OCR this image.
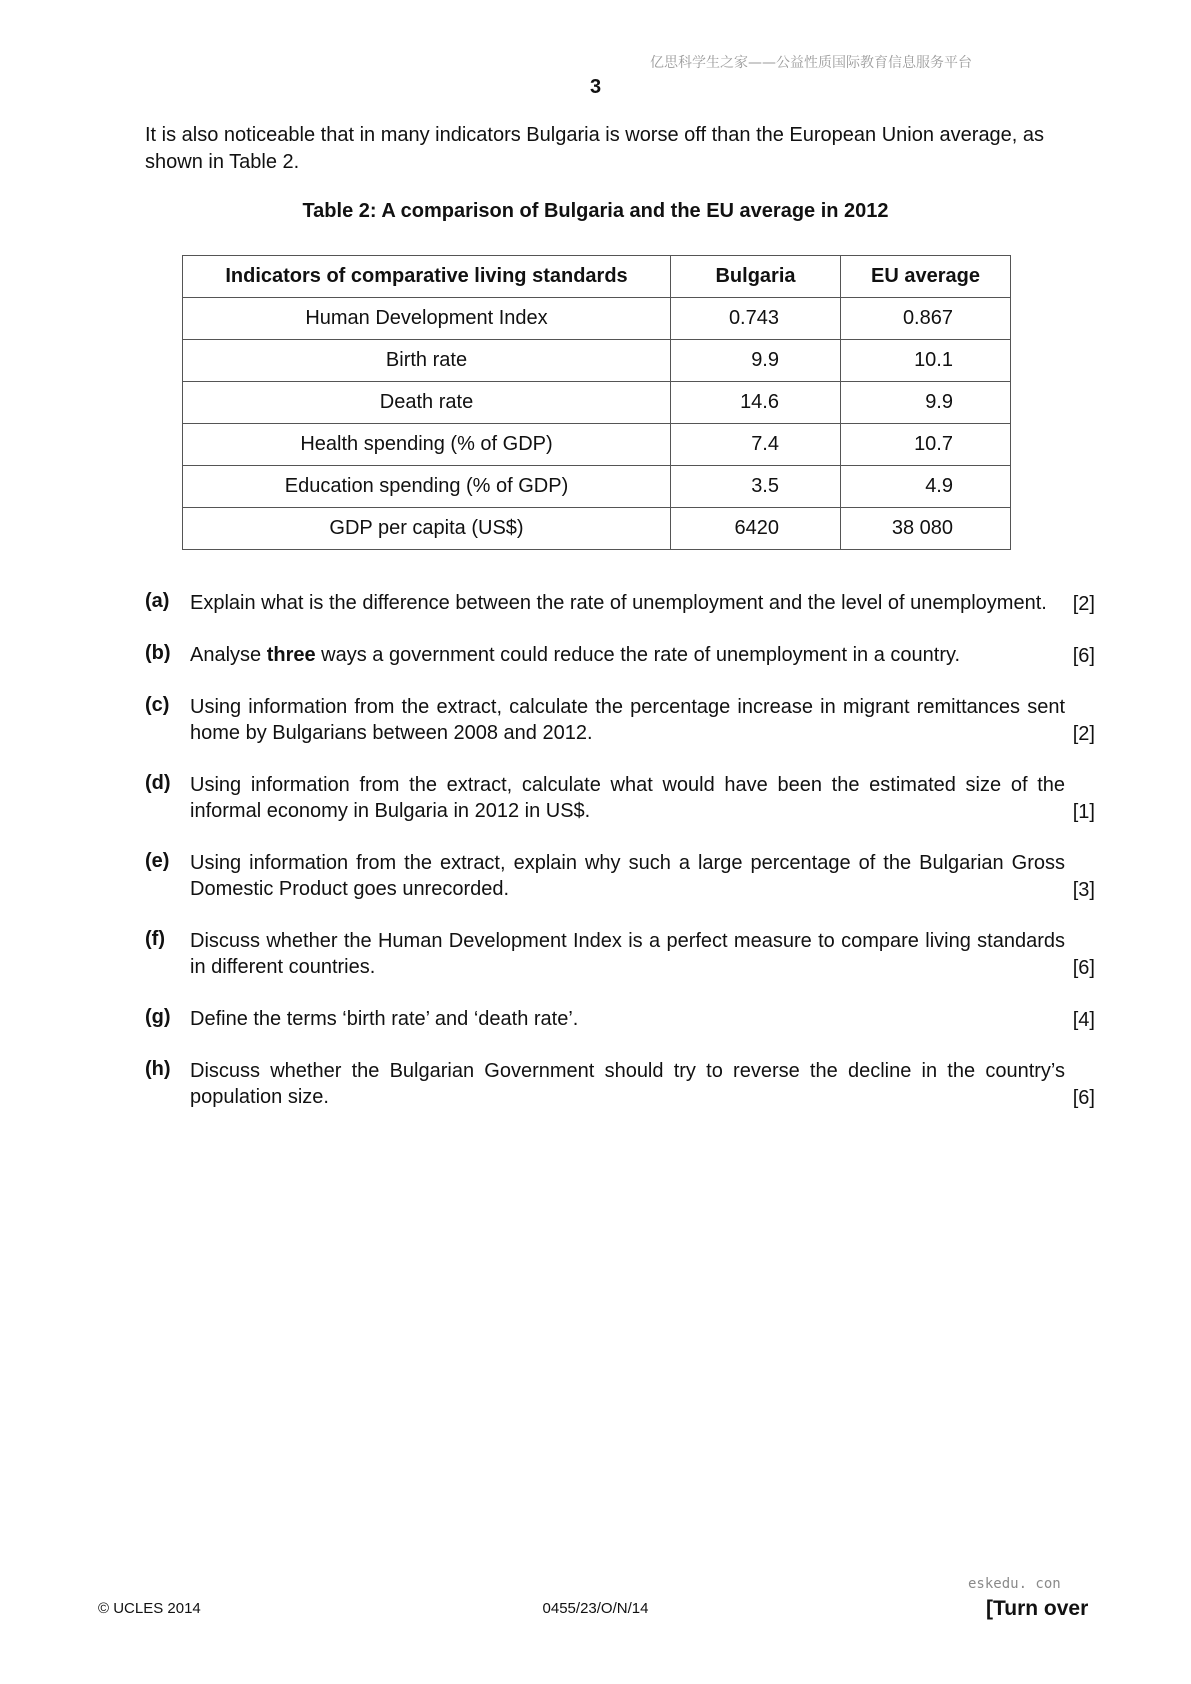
亿思科学生之家——公益性质国际教育信息服务平台
3

It is also noticeable that in many indicators Bulgaria is worse off than the European Union average, as shown in Table 2.

Table 2: A comparison of Bulgaria and the EU average in 2012
Indicators of comparative living standards	Bulgaria	EU average
Human Development Index	0.743	0.867
Birth rate	9.9	10.1
Death rate	14.6	9.9
Health spending (% of GDP)	7.4	10.7
Education spending (% of GDP)	3.5	4.9
GDP per capita (US$)	6420	38 080
(a) Explain what is the difference between the rate of unemployment and the level of unemployment.	[2]
(b) Analyse three ways a government could reduce the rate of unemployment in a country.	[6]
(c) Using information from the extract, calculate the percentage increase in migrant remittances sent home by Bulgarians between 2008 and 2012.	[2]
(d) Using information from the extract, calculate what would have been the estimated size of the informal economy in Bulgaria in 2012 in US$.	[1]
(e) Using information from the extract, explain why such a large percentage of the Bulgarian Gross Domestic Product goes unrecorded.	[3]
(f) Discuss whether the Human Development Index is a perfect measure to compare living standards in different countries.	[6]
(g) Define the terms ‘birth rate’ and ‘death rate’.	[4]
(h) Discuss whether the Bulgarian Government should try to reverse the decline in the country’s population size.	[6]
© UCLES 2014	0455/23/O/N/14
eskedu. con
[Turn over
